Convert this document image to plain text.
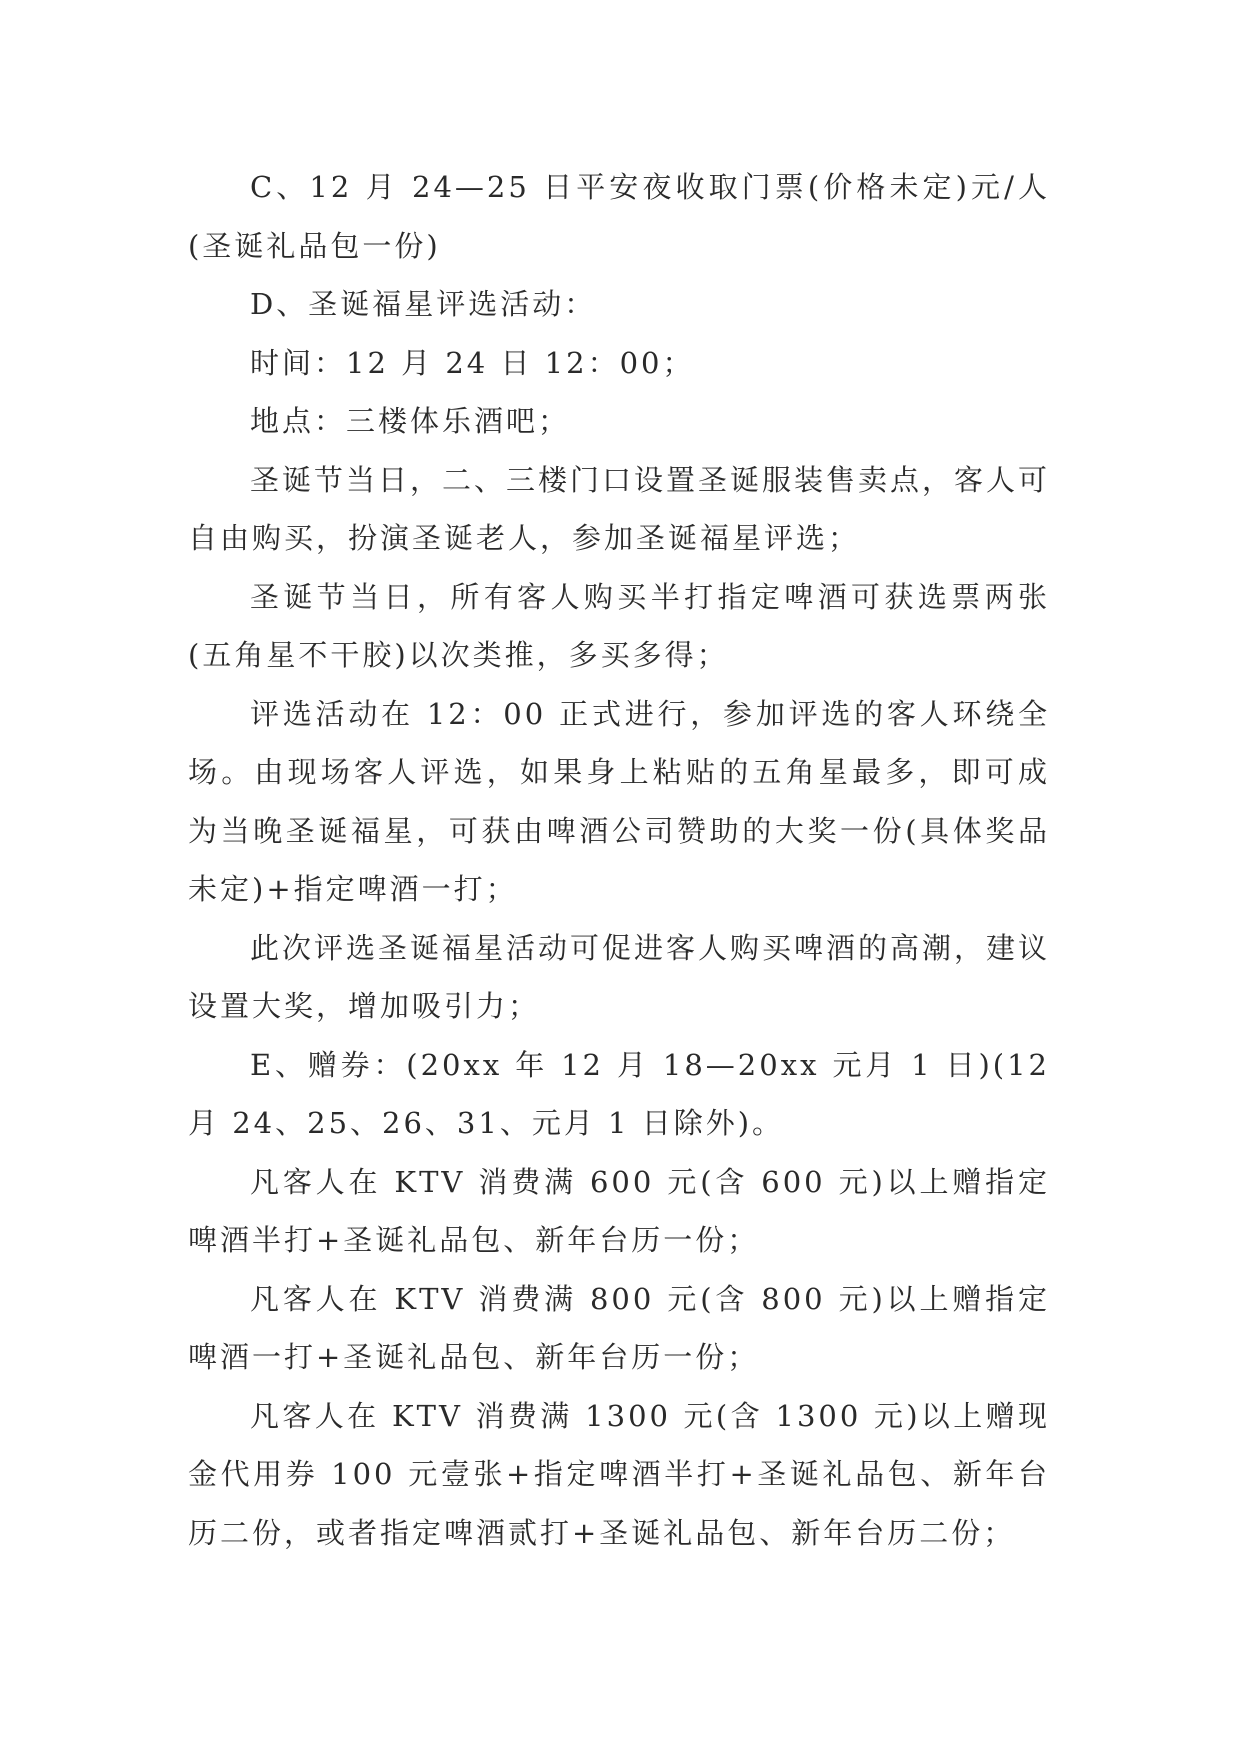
C、12 月 24—25 日平安夜收取门票(价格未定)元/人(圣诞礼品包一份)

D、圣诞福星评选活动：

时间：12 月 24 日 12：00；

地点：三楼体乐酒吧；

圣诞节当日，二、三楼门口设置圣诞服装售卖点，客人可自由购买，扮演圣诞老人，参加圣诞福星评选；

圣诞节当日，所有客人购买半打指定啤酒可获选票两张(五角星不干胶)以次类推，多买多得；

评选活动在 12：00 正式进行，参加评选的客人环绕全场。由现场客人评选，如果身上粘贴的五角星最多，即可成为当晚圣诞福星，可获由啤酒公司赞助的大奖一份(具体奖品未定)+指定啤酒一打；

此次评选圣诞福星活动可促进客人购买啤酒的高潮，建议设置大奖，增加吸引力；

E、赠券：(20xx 年 12 月 18—20xx 元月 1 日)(12 月 24、25、26、31、元月 1 日除外)。

凡客人在 KTV 消费满 600 元(含 600 元)以上赠指定啤酒半打+圣诞礼品包、新年台历一份；

凡客人在 KTV 消费满 800 元(含 800 元)以上赠指定啤酒一打+圣诞礼品包、新年台历一份；

凡客人在 KTV 消费满 1300 元(含 1300 元)以上赠现金代用券 100 元壹张+指定啤酒半打+圣诞礼品包、新年台历二份，或者指定啤酒贰打+圣诞礼品包、新年台历二份；
